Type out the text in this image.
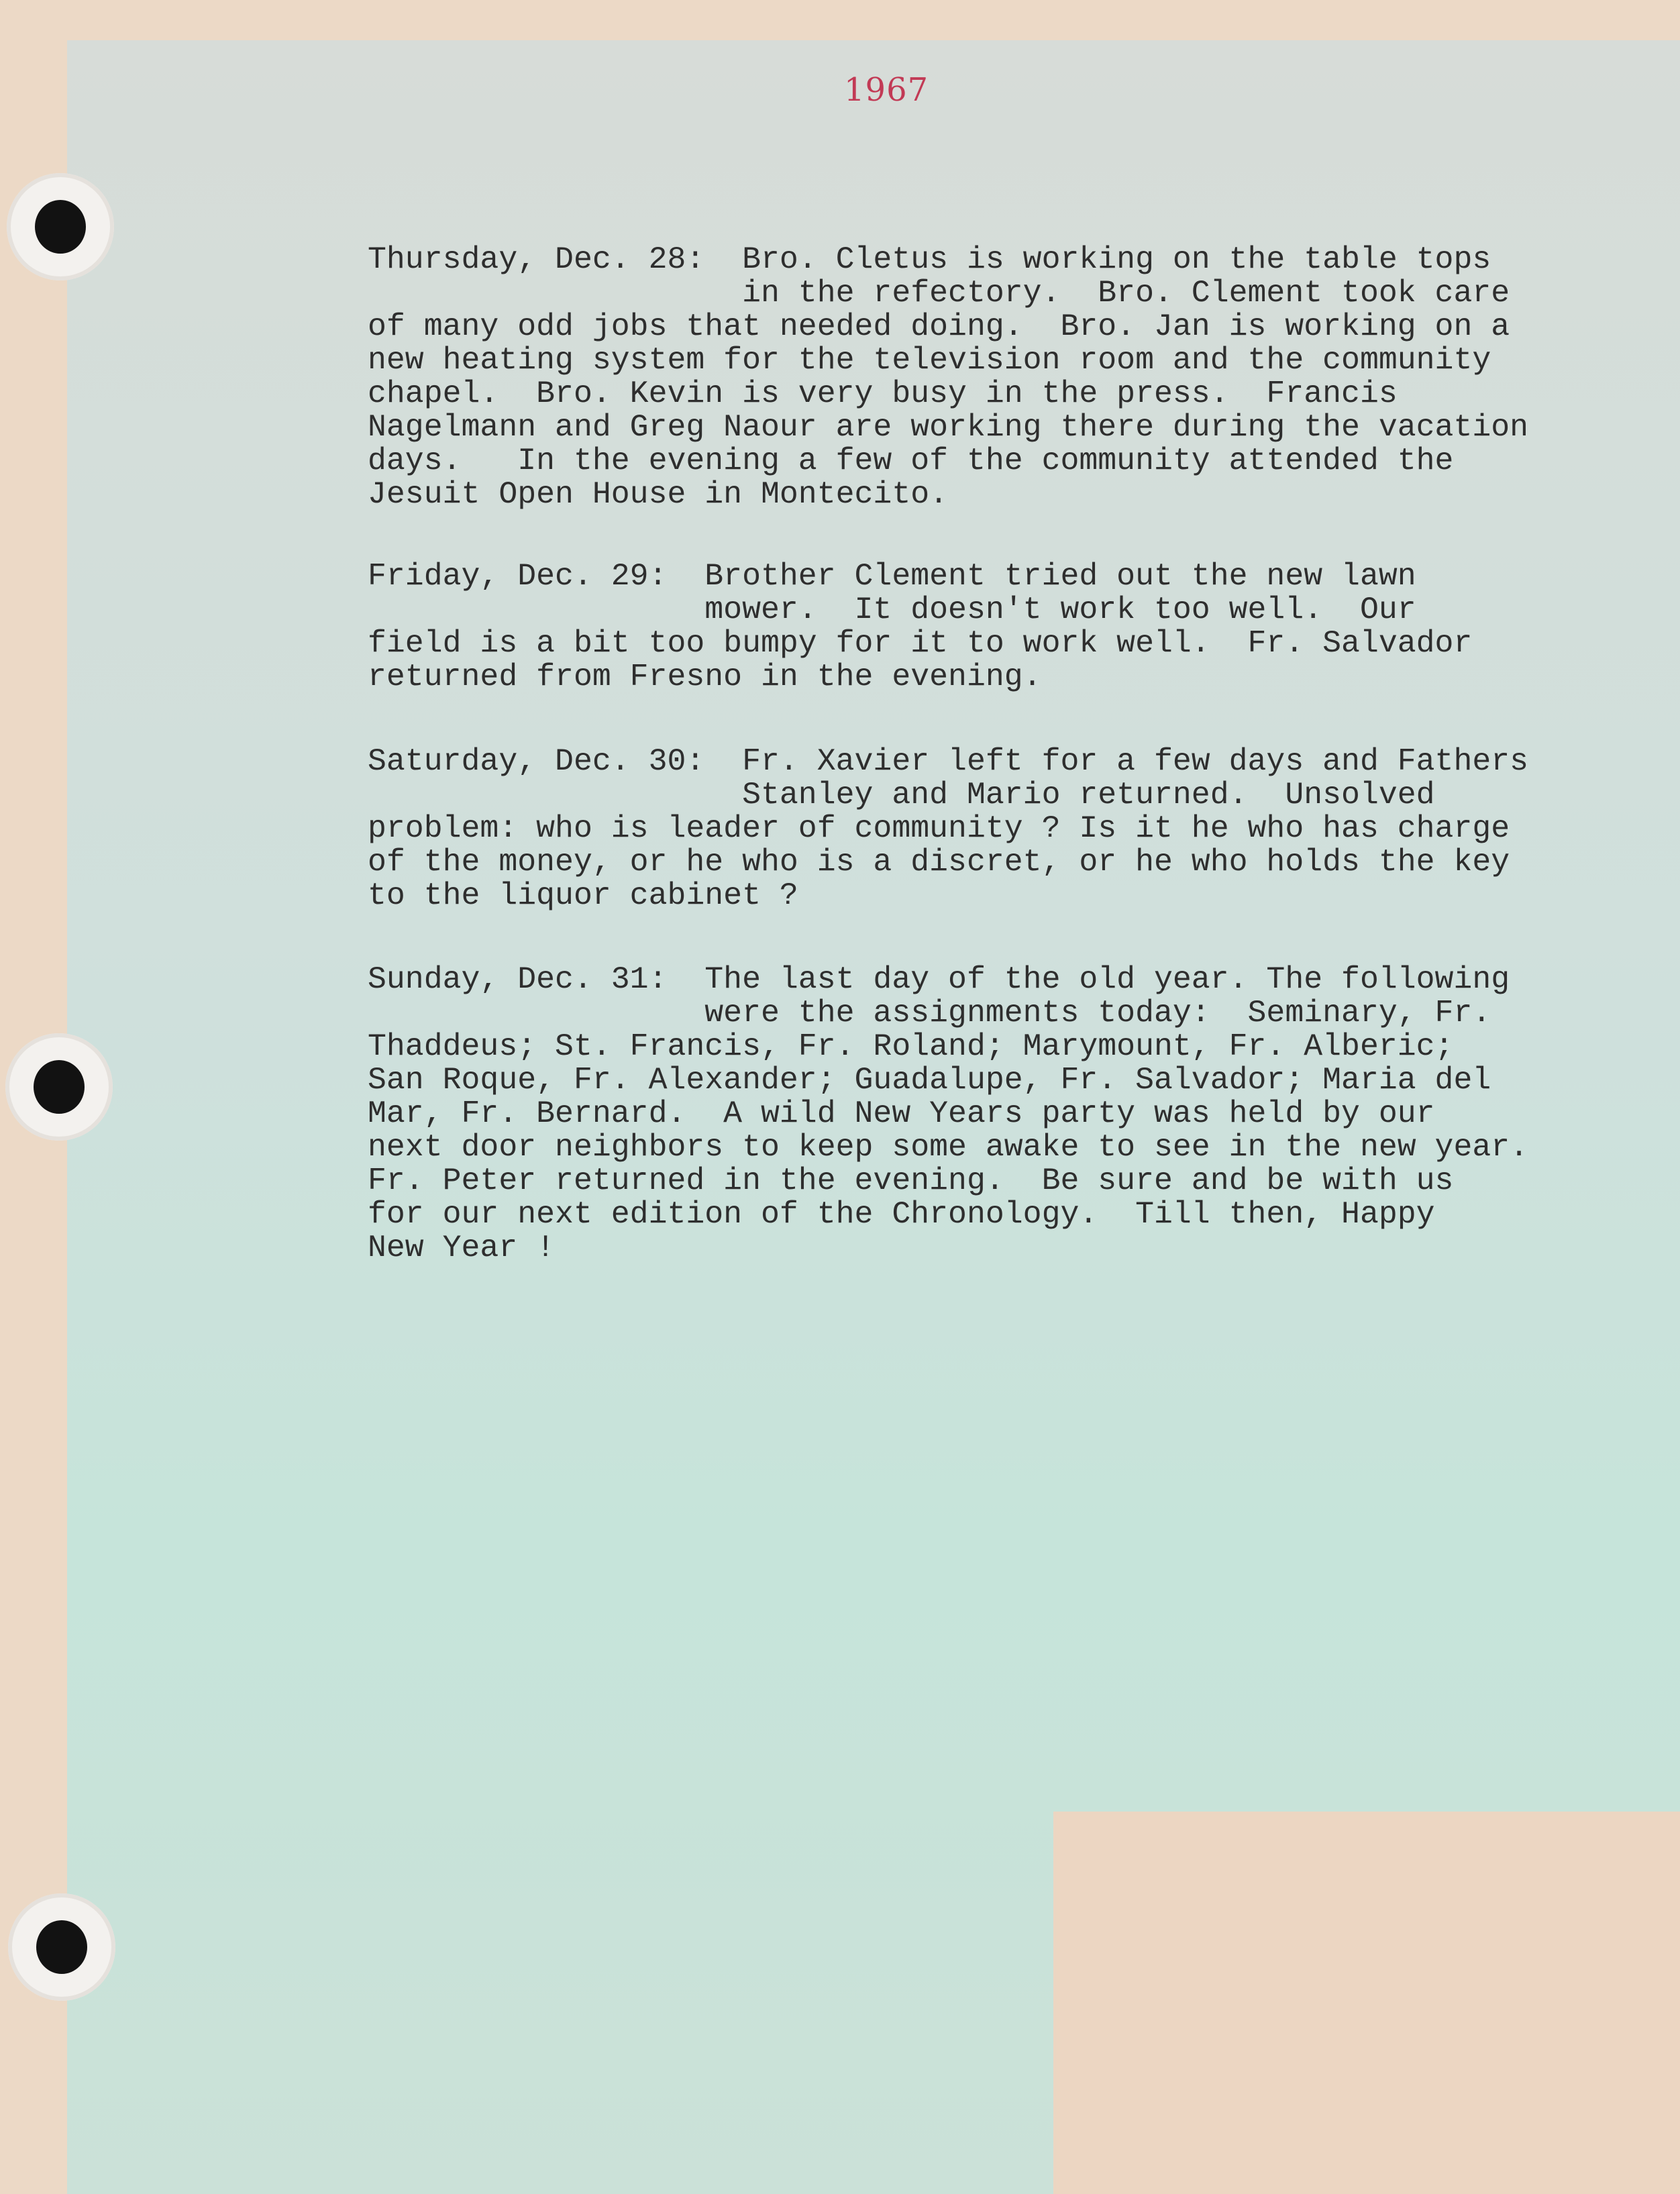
1967
Thursday, Dec. 28:  Bro. Cletus is working on the table tops
in the refectory.  Bro. Clement took care
of many odd jobs that needed doing.  Bro. Jan is working on a
new heating system for the television room and the community
chapel.  Bro. Kevin is very busy in the press.  Francis
Nagelmann and Greg Naour are working there during the vacation
days.   In the evening a few of the community attended the
Jesuit Open House in Montecito.
Friday, Dec. 29:  Brother Clement tried out the new lawn
mower.  It doesn't work too well.  Our
field is a bit too bumpy for it to work well.  Fr. Salvador
returned from Fresno in the evening.
Saturday, Dec. 30:  Fr. Xavier left for a few days and Fathers
Stanley and Mario returned.  Unsolved
problem: who is leader of community ? Is it he who has charge
of the money, or he who is a discret, or he who holds the key
to the liquor cabinet ?
Sunday, Dec. 31:  The last day of the old year. The following
were the assignments today:  Seminary, Fr.
Thaddeus; St. Francis, Fr. Roland; Marymount, Fr. Alberic;
San Roque, Fr. Alexander; Guadalupe, Fr. Salvador; Maria del
Mar, Fr. Bernard.  A wild New Years party was held by our
next door neighbors to keep some awake to see in the new year.
Fr. Peter returned in the evening.  Be sure and be with us
for our next edition of the Chronology.  Till then, Happy
New Year !
